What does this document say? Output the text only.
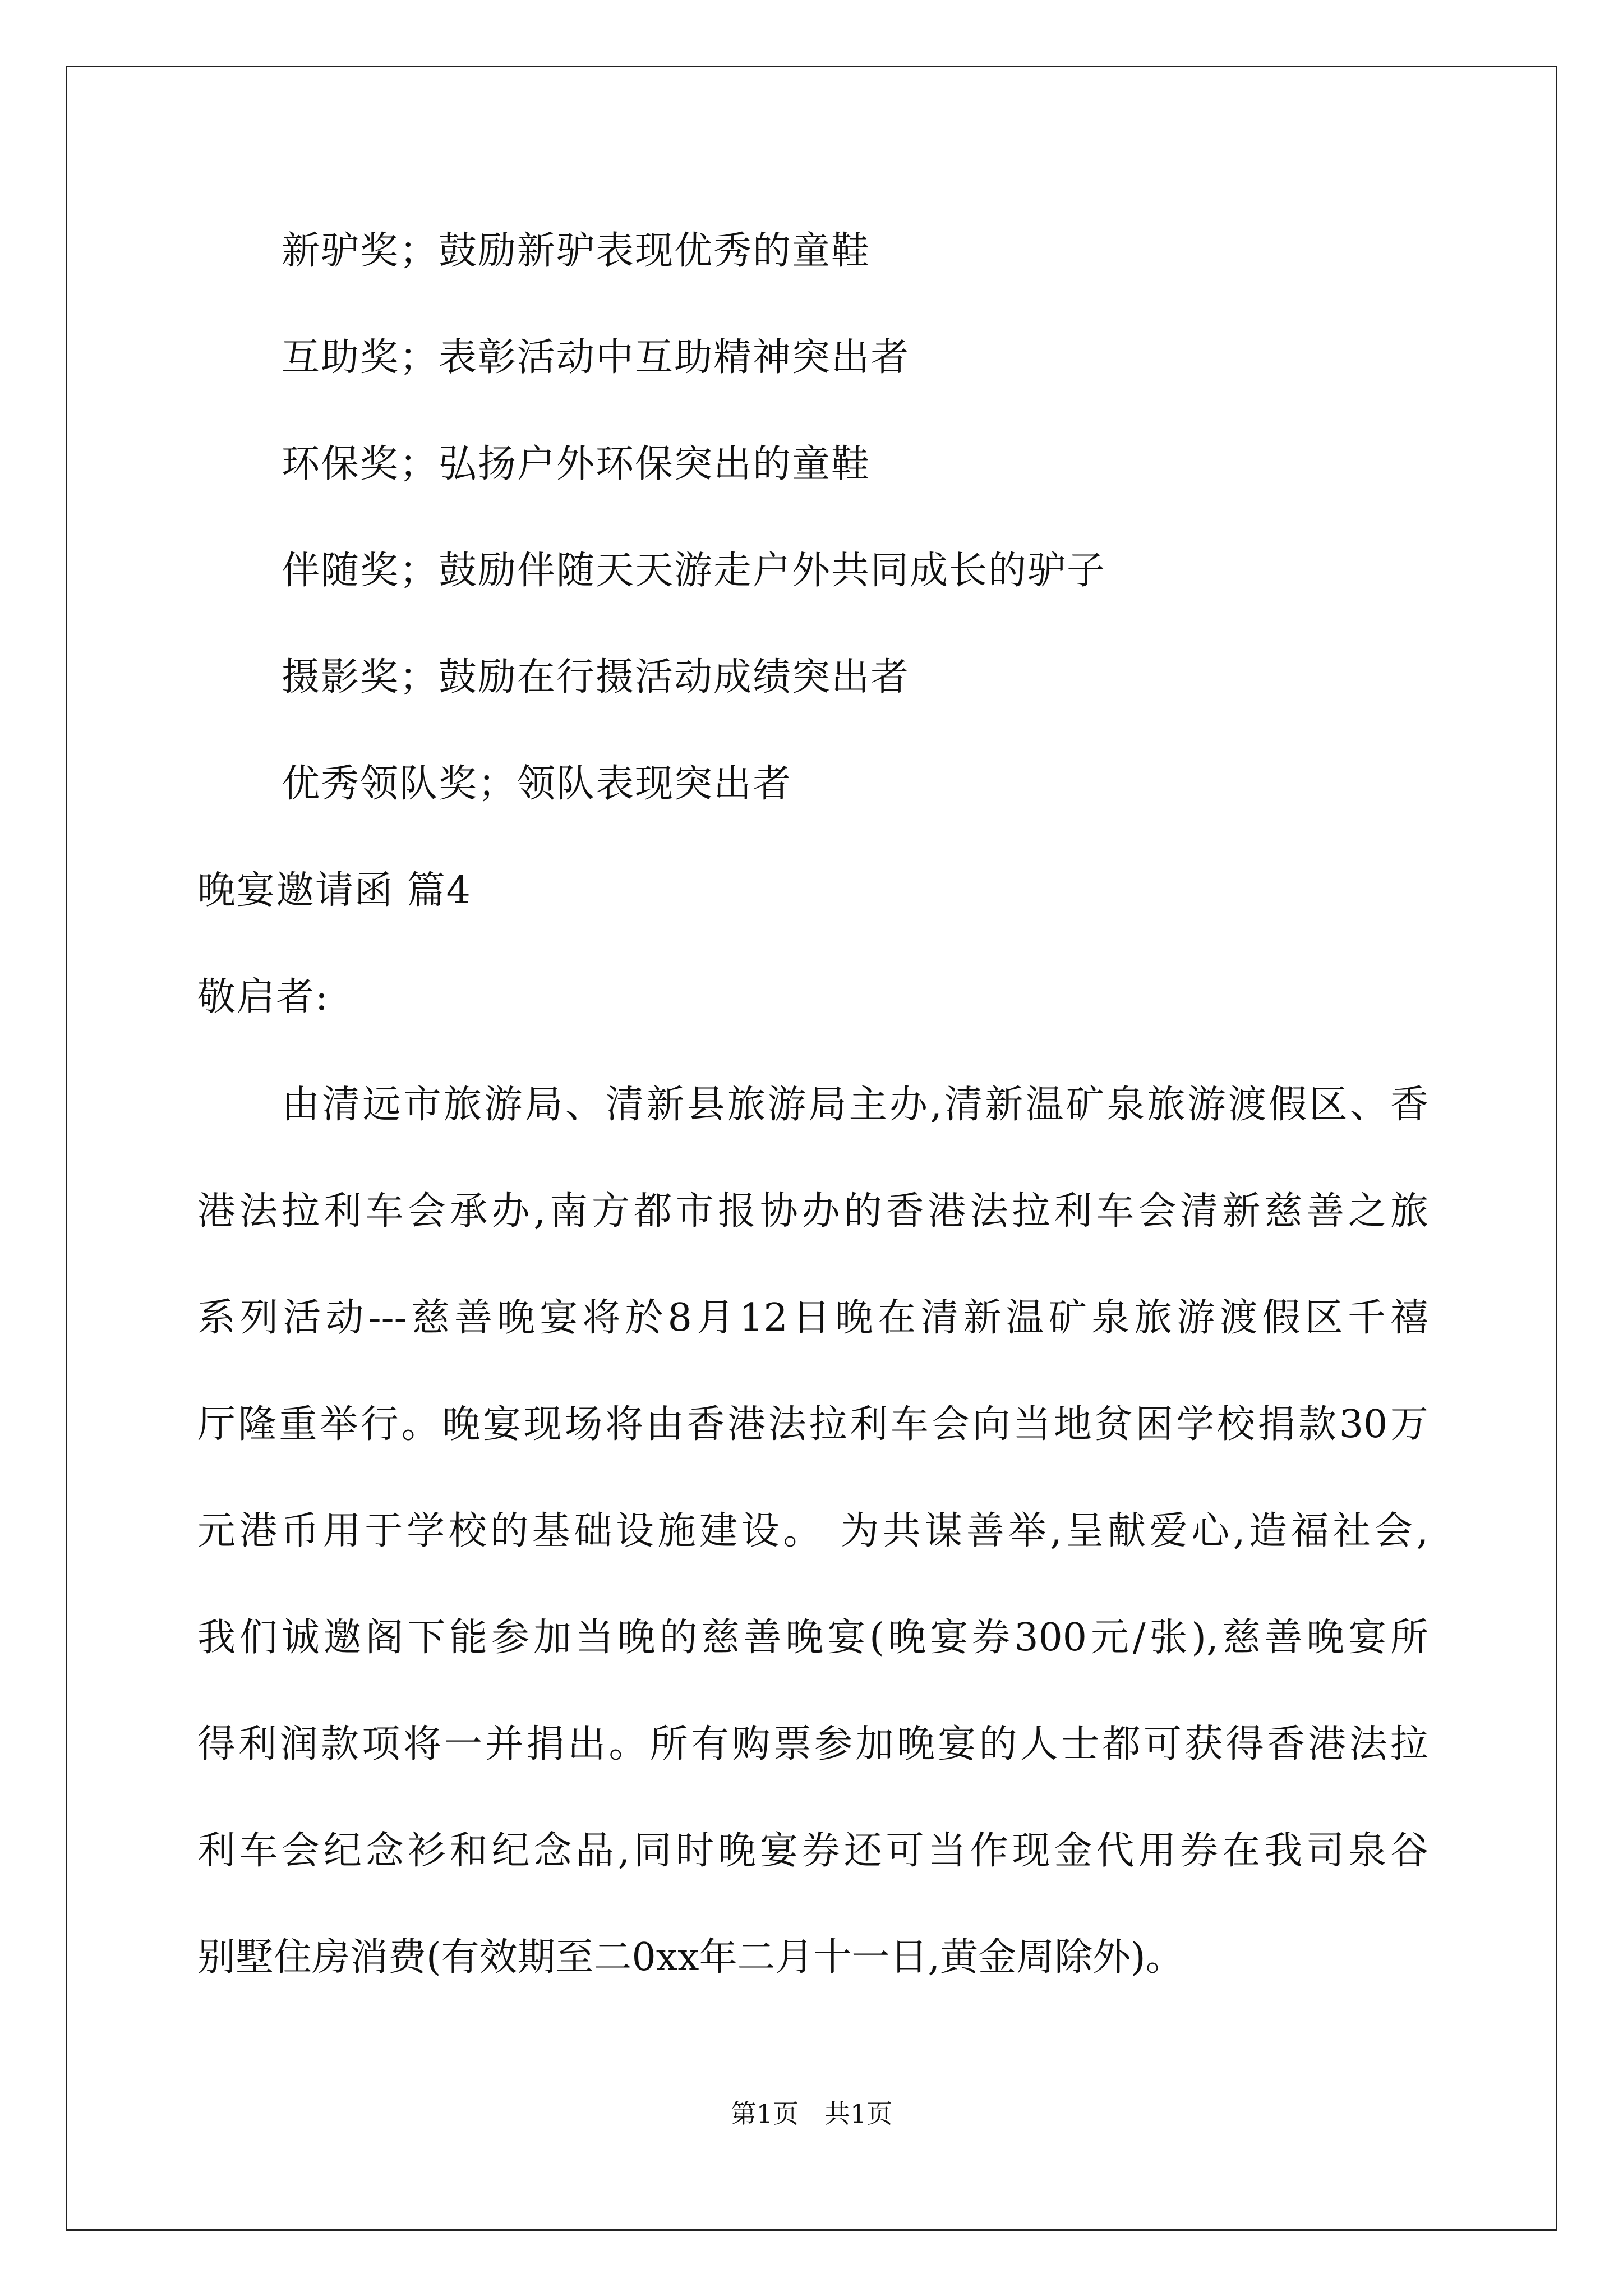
新驴奖；鼓励新驴表现优秀的童鞋
互助奖；表彰活动中互助精神突出者
环保奖；弘扬户外环保突出的童鞋
伴随奖；鼓励伴随天天游走户外共同成长的驴子
摄影奖；鼓励在行摄活动成绩突出者
优秀领队奖；领队表现突出者
晚宴邀请函 篇4
敬启者:
由清远市旅游局、清新县旅游局主办,清新温矿泉旅游渡假区、香
港法拉利车会承办,南方都市报协办的香港法拉利车会清新慈善之旅
系列活动---慈善晚宴将於8月12日晚在清新温矿泉旅游渡假区千禧
厅隆重举行。晚宴现场将由香港法拉利车会向当地贫困学校捐款30万
元港币用于学校的基础设施建设。 为共谋善举,呈献爱心,造福社会,
我们诚邀阁下能参加当晚的慈善晚宴(晚宴券300元/张),慈善晚宴所
得利润款项将一并捐出。所有购票参加晚宴的人士都可获得香港法拉
利车会纪念衫和纪念品,同时晚宴券还可当作现金代用券在我司泉谷
别墅住房消费(有效期至二0xx年二月十一日,黄金周除外)。
第1页　共1页
